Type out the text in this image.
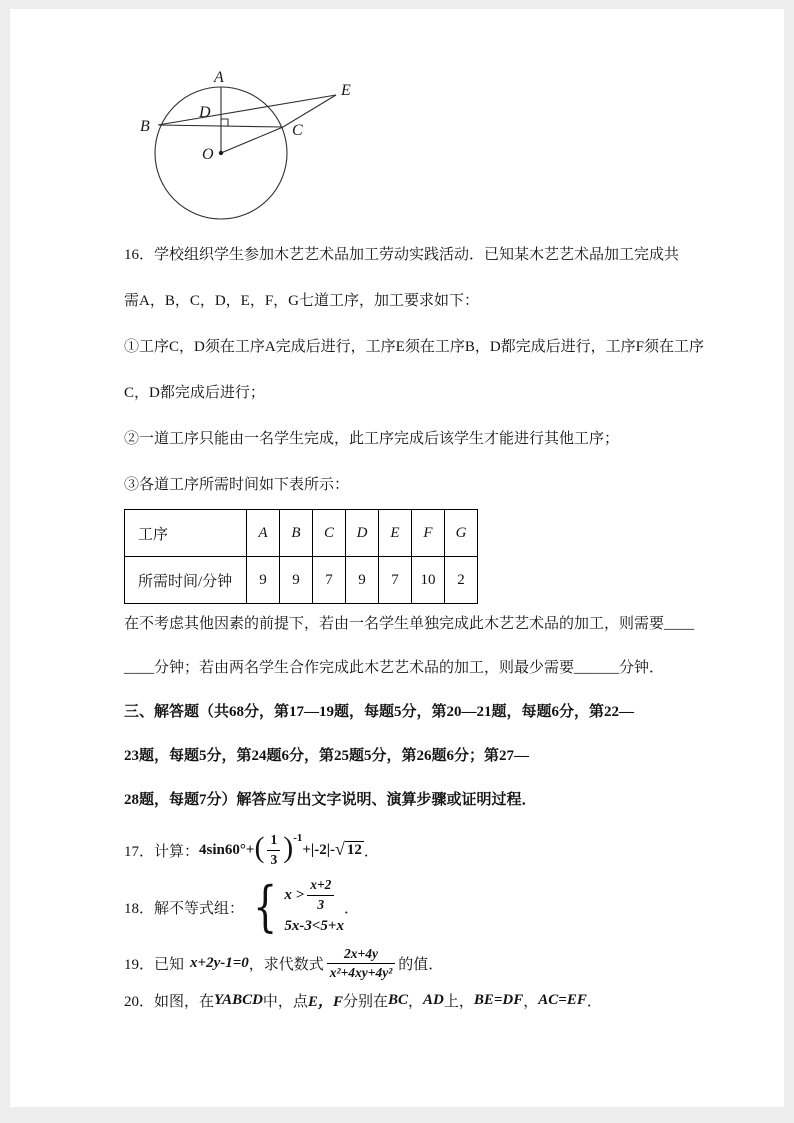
A
B	C
D
E
O

16．学校组织学生参加木艺艺术品加工劳动实践活动．已知某木艺艺术品加工完成共

需A，B，C，D，E，F，G七道工序，加工要求如下：

①工序C，D须在工序A完成后进行，工序E须在工序B，D都完成后进行，工序F须在工序

C，D都完成后进行；

②一道工序只能由一名学生完成，此工序完成后该学生才能进行其他工序；

③各道工序所需时间如下表所示：

工序	A	B	C	D	E	F	G
所需时间/分钟	9	9	7	9	7	10	2

在不考虑其他因素的前提下，若由一名学生单独完成此木艺艺术品的加工，则需要____

____分钟；若由两名学生合作完成此木艺艺术品的加工，则最少需要______分钟．

三、解答题（共68分，第17—19题，每题5分，第20—21题，每题6分，第22—

23题，每题5分，第24题6分，第25题5分，第26题6分；第27—

28题，每题7分）解答应写出文字说明、演算步骤或证明过程．

17．计算： $4\sin 60^\circ+( \frac{1}{3} )^{-1}+|-2|-√$ 12 ．
18．解不等式组： { $x > \frac{x+2}{3}$
5x-3<5+x
．
19．已知 x+2y-1=0 ，求代数式 $\frac{2x+4y}{\text{x²+4xy+4y²}}$ 的值．
20．如图，在 YABCD 中，点 E，F 分别在 BC ， AD 上， BE=DF ， AC=EF ．
